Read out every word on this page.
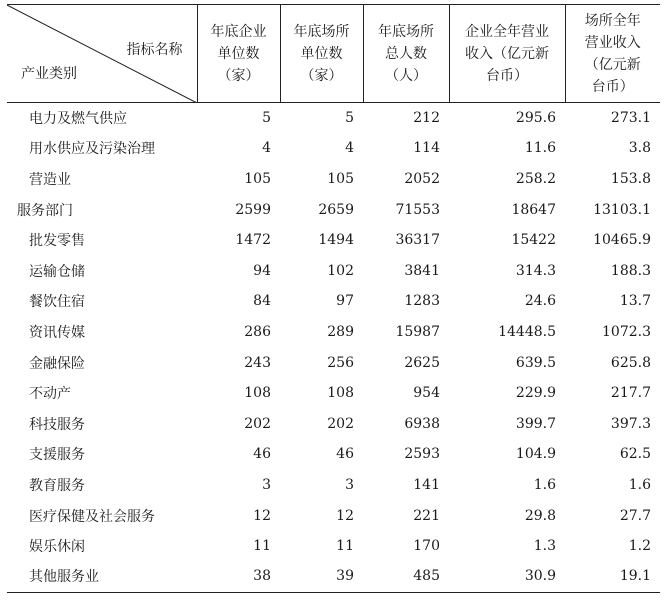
指标名称
产业类别	年底企业
单位数
（家）	年底场所
单位数
（家）	年底场所
总人数
（人）	企业全年营业
收入（亿元新
台币）	场所全年
营业收入
（亿元新
台币）

电力及燃气供应	5	5	212	295.6	273.1
用水供应及污染治理	4	4	114	11.6	3.8
营造业	105	105	2052	258.2	153.8
服务部门	2599	2659	71553	18647	13103.1
批发零售	1472	1494	36317	15422	10465.9
运输仓储	94	102	3841	314.3	188.3
餐饮住宿	84	97	1283	24.6	13.7
资讯传媒	286	289	15987	14448.5	1072.3
金融保险	243	256	2625	639.5	625.8
不动产	108	108	954	229.9	217.7
科技服务	202	202	6938	399.7	397.3
支援服务	46	46	2593	104.9	62.5
教育服务	3	3	141	1.6	1.6
医疗保健及社会服务	12	12	221	29.8	27.7
娱乐休闲	11	11	170	1.3	1.2
其他服务业	38	39	485	30.9	19.1
